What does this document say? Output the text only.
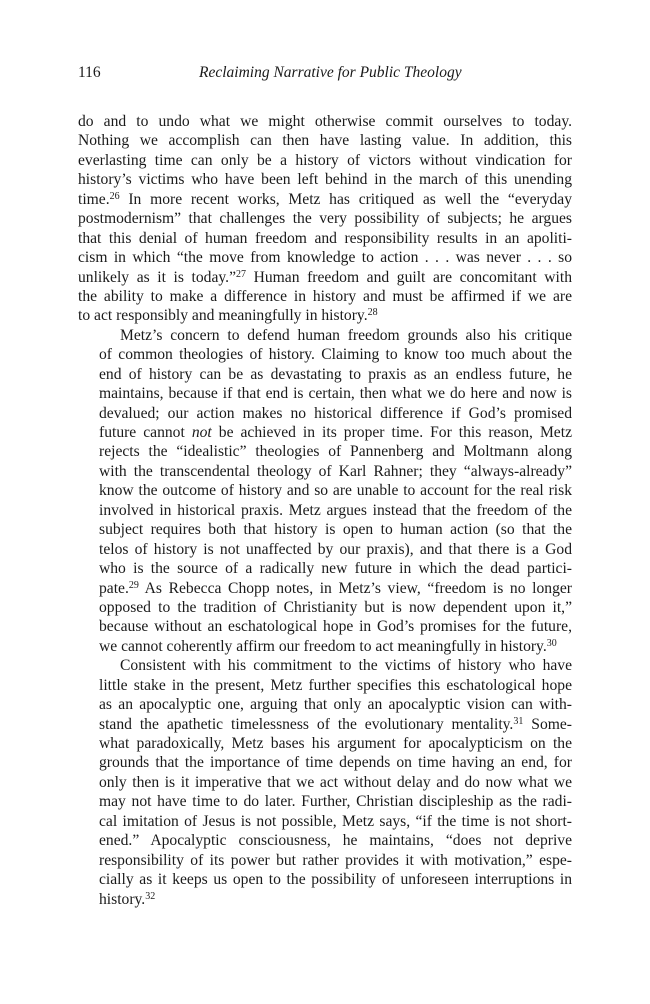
116	Reclaiming Narrative for Public Theology
do and to undo what we might otherwise commit ourselves to today.
Nothing we accomplish can then have lasting value. In addition, this
everlasting time can only be a history of victors without vindication for
history’s victims who have been left behind in the march of this unending
time.$^{26}$ In more recent works, Metz has critiqued as well the “everyday
postmodernism” that challenges the very possibility of subjects; he argues
that this denial of human freedom and responsibility results in an apoliti-
cism in which “the move from knowledge to action . . . was never . . . so
unlikely as it is today.”$^{27}$ Human freedom and guilt are concomitant with
the ability to make a difference in history and must be affirmed if we are
to act responsibly and meaningfully in history.$^{28}$
Metz’s concern to defend human freedom grounds also his critique
of common theologies of history. Claiming to know too much about the
end of history can be as devastating to praxis as an endless future, he
maintains, because if that end is certain, then what we do here and now is
devalued; our action makes no historical difference if God’s promised
future cannot not be achieved in its proper time. For this reason, Metz
rejects the “idealistic” theologies of Pannenberg and Moltmann along
with the transcendental theology of Karl Rahner; they “always-already”
know the outcome of history and so are unable to account for the real risk
involved in historical praxis. Metz argues instead that the freedom of the
subject requires both that history is open to human action (so that the
telos of history is not unaffected by our praxis), and that there is a God
who is the source of a radically new future in which the dead partici-
pate.$^{29}$ As Rebecca Chopp notes, in Metz’s view, “freedom is no longer
opposed to the tradition of Christianity but is now dependent upon it,”
because without an eschatological hope in God’s promises for the future,
we cannot coherently affirm our freedom to act meaningfully in history.$^{30}$
Consistent with his commitment to the victims of history who have
little stake in the present, Metz further specifies this eschatological hope
as an apocalyptic one, arguing that only an apocalyptic vision can with-
stand the apathetic timelessness of the evolutionary mentality.$^{31}$ Some-
what paradoxically, Metz bases his argument for apocalypticism on the
grounds that the importance of time depends on time having an end, for
only then is it imperative that we act without delay and do now what we
may not have time to do later. Further, Christian discipleship as the radi-
cal imitation of Jesus is not possible, Metz says, “if the time is not short-
ened.” Apocalyptic consciousness, he maintains, “does not deprive
responsibility of its power but rather provides it with motivation,” espe-
cially as it keeps us open to the possibility of unforeseen interruptions in
history.$^{32}$
